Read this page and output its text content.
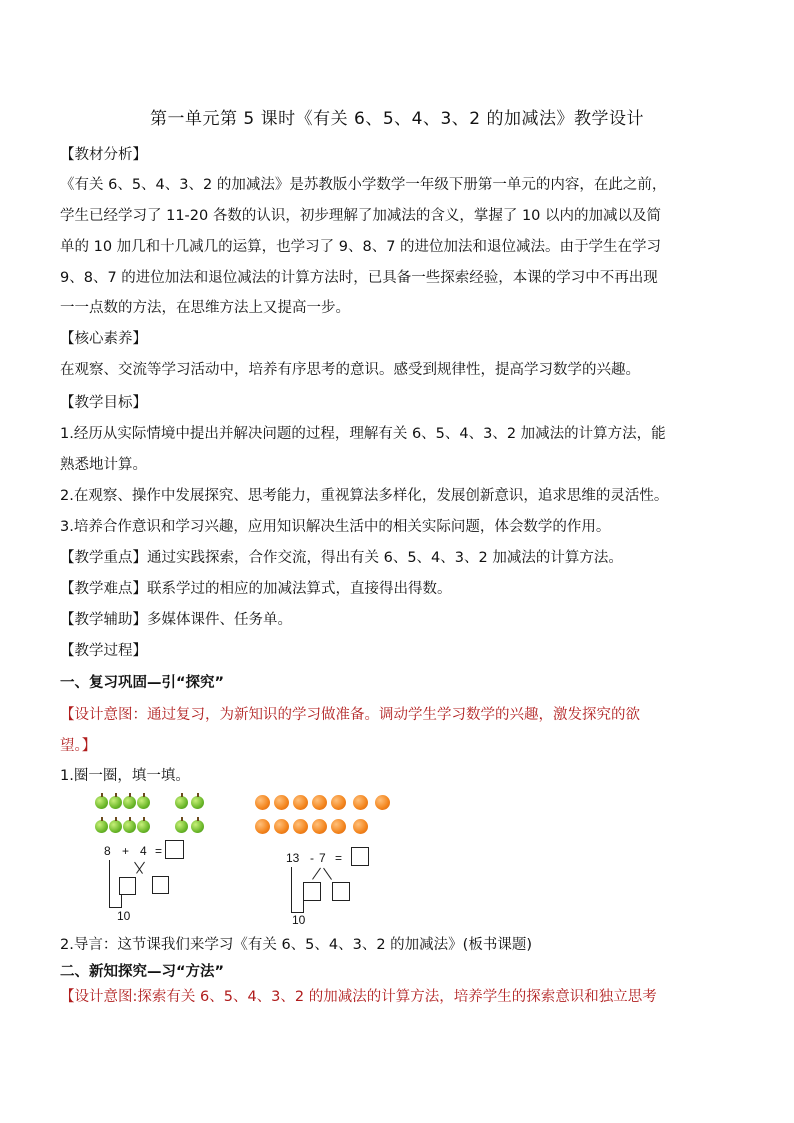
第一单元第 5 课时《有关 6、5、4、3、2 的加减法》教学设计
【教材分析】
《有关 6、5、4、3、2 的加减法》是苏教版小学数学一年级下册第一单元的内容，在此之前，
学生已经学习了 11-20 各数的认识，初步理解了加减法的含义，掌握了 10 以内的加减以及简
单的 10 加几和十几减几的运算，也学习了 9、8、7 的进位加法和退位减法。由于学生在学习
9、8、7 的进位加法和退位减法的计算方法时，已具备一些探索经验，本课的学习中不再出现
一一点数的方法，在思维方法上又提高一步。
【核心素养】
在观察、交流等学习活动中，培养有序思考的意识。感受到规律性，提高学习数学的兴趣。
【教学目标】
1.经历从实际情境中提出并解决问题的过程，理解有关 6、5、4、3、2 加减法的计算方法，能
熟悉地计算。
2.在观察、操作中发展探究、思考能力，重视算法多样化，发展创新意识，追求思维的灵活性。
3.培养合作意识和学习兴趣，应用知识解决生活中的相关实际问题，体会数学的作用。
【教学重点】通过实践探索，合作交流，得出有关 6、5、4、3、2 加减法的计算方法。
【教学难点】联系学过的相应的加减法算式，直接得出得数。
【教学辅助】多媒体课件、任务单。
【教学过程】
一、复习巩固—引“探究”
【设计意图：通过复习，为新知识的学习做准备。调动学生学习数学的兴趣，激发探究的欲
望。】
1.圈一圈，填一填。
8 + 4 =
10
13 - 7 =
10
2.导言：这节课我们来学习《有关 6、5、4、3、2 的加减法》(板书课题)
二、新知探究—习“方法”
【设计意图:探索有关 6、5、4、3、2 的加减法的计算方法，培养学生的探索意识和独立思考
